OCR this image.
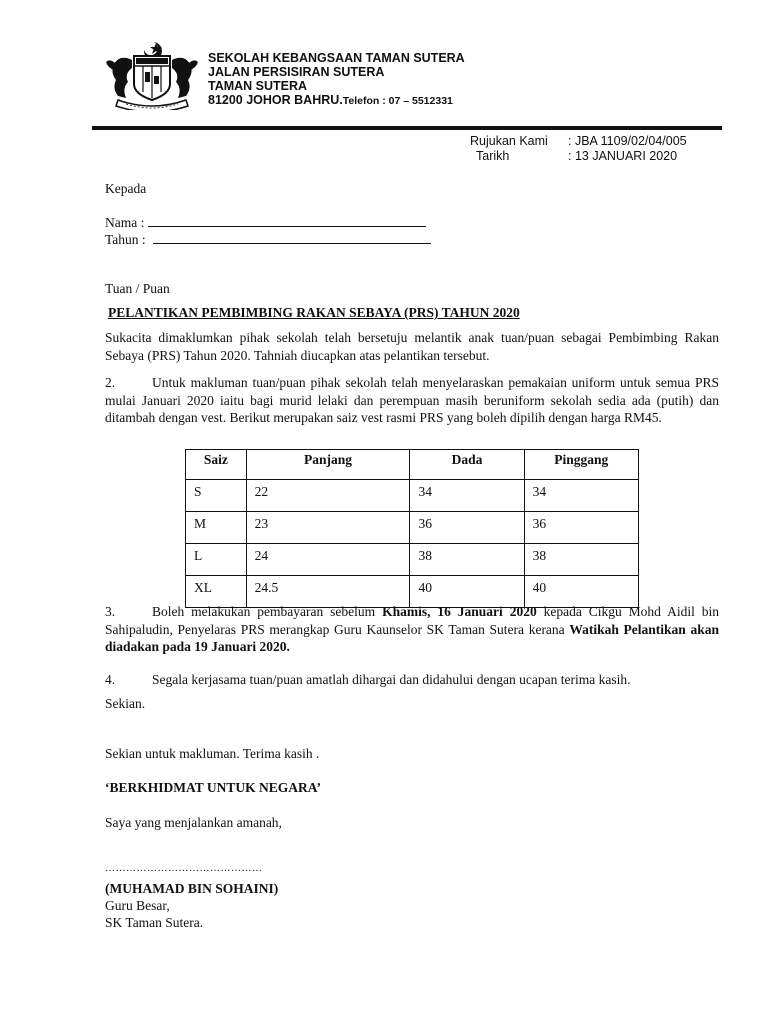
SEKOLAH KEBANGSAAN TAMAN SUTERA
JALAN PERSISIRAN SUTERA
TAMAN SUTERA
81200 JOHOR BAHRU.Telefon : 07 – 5512331
Rujukan Kami	: JBA 1109/02/04/005
Tarikh	: 13 JANUARI 2020
Kepada
Nama :
Tahun :
Tuan / Puan
PELANTIKAN PEMBIMBING RAKAN SEBAYA (PRS) TAHUN 2020
Sukacita dimaklumkan pihak sekolah telah bersetuju melantik anak tuan/puan sebagai Pembimbing Rakan Sebaya (PRS) Tahun 2020. Tahniah diucapkan atas pelantikan tersebut.
2.	Untuk makluman tuan/puan pihak sekolah telah menyelaraskan pemakaian uniform untuk semua PRS mulai Januari 2020 iaitu bagi murid lelaki dan perempuan masih beruniform sekolah sedia ada (putih) dan ditambah dengan vest. Berikut merupakan saiz vest rasmi PRS yang boleh dipilih dengan harga RM45.
Saiz	Panjang	Dada	Pinggang
S	22	34	34
M	23	36	36
L	24	38	38
XL	24.5	40	40
3.	Boleh melakukan pembayaran sebelum Khamis, 16 Januari 2020 kepada Cikgu Mohd Aidil bin Sahipaludin, Penyelaras PRS merangkap Guru Kaunselor SK Taman Sutera kerana Watikah Pelantikan akan diadakan pada 19 Januari 2020.
4.	Segala kerjasama tuan/puan amatlah dihargai dan didahului dengan ucapan terima kasih.
Sekian.
Sekian untuk makluman. Terima kasih .
‘BERKHIDMAT UNTUK NEGARA’
Saya yang menjalankan amanah,
………………………………………
(MUHAMAD BIN SOHAINI)
Guru Besar,
SK Taman Sutera.
